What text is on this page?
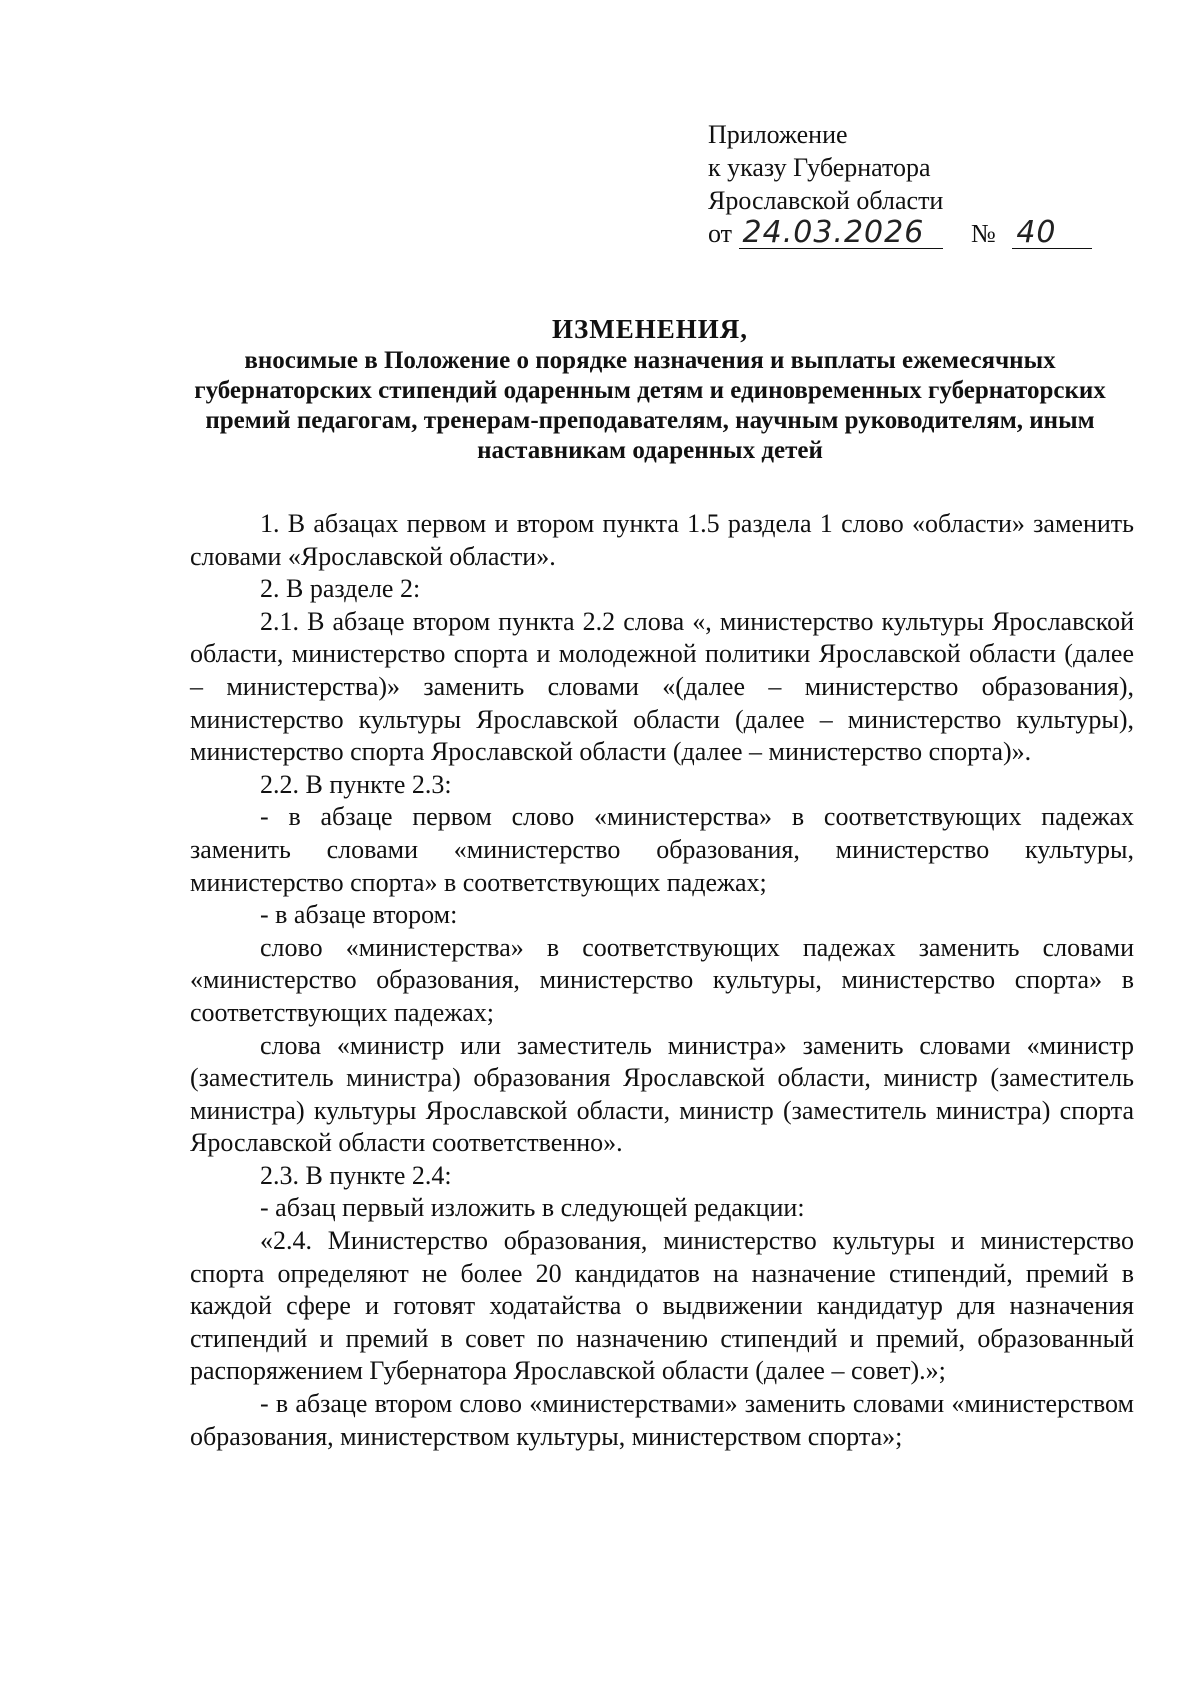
Приложение
к указу Губернатора
Ярославской области
от 24.03.2026 № 40
ИЗМЕНЕНИЯ,
вносимые в Положение о порядке назначения и выплаты ежемесячных губернаторских стипендий одаренным детям и единовременных губернаторских премий педагогам, тренерам-преподавателям, научным руководителям, иным наставникам одаренных детей

1. В абзацах первом и втором пункта 1.5 раздела 1 слово «области» заменить словами «Ярославской области».

2. В разделе 2:

2.1. В абзаце втором пункта 2.2 слова «, министерство культуры Ярославской области, министерство спорта и молодежной политики Ярославской области (далее – министерства)» заменить словами «(далее – министерство образования), министерство культуры Ярославской области (далее – министерство культуры), министерство спорта Ярославской области (далее – министерство спорта)».

2.2. В пункте 2.3:

- в абзаце первом слово «министерства» в соответствующих падежах заменить словами «министерство образования, министерство культуры, министерство спорта» в соответствующих падежах;

- в абзаце втором:

слово «министерства» в соответствующих падежах заменить словами «министерство образования, министерство культуры, министерство спорта» в соответствующих падежах;

слова «министр или заместитель министра» заменить словами «министр (заместитель министра) образования Ярославской области, министр (заместитель министра) культуры Ярославской области, министр (заместитель министра) спорта Ярославской области соответственно».

2.3. В пункте 2.4:

- абзац первый изложить в следующей редакции:

«2.4. Министерство образования, министерство культуры и министерство спорта определяют не более 20 кандидатов на назначение стипендий, премий в каждой сфере и готовят ходатайства о выдвижении кандидатур для назначения стипендий и премий в совет по назначению стипендий и премий, образованный распоряжением Губернатора Ярославской области (далее – совет).»;

- в абзаце втором слово «министерствами» заменить словами «министерством образования, министерством культуры, министерством спорта»;
